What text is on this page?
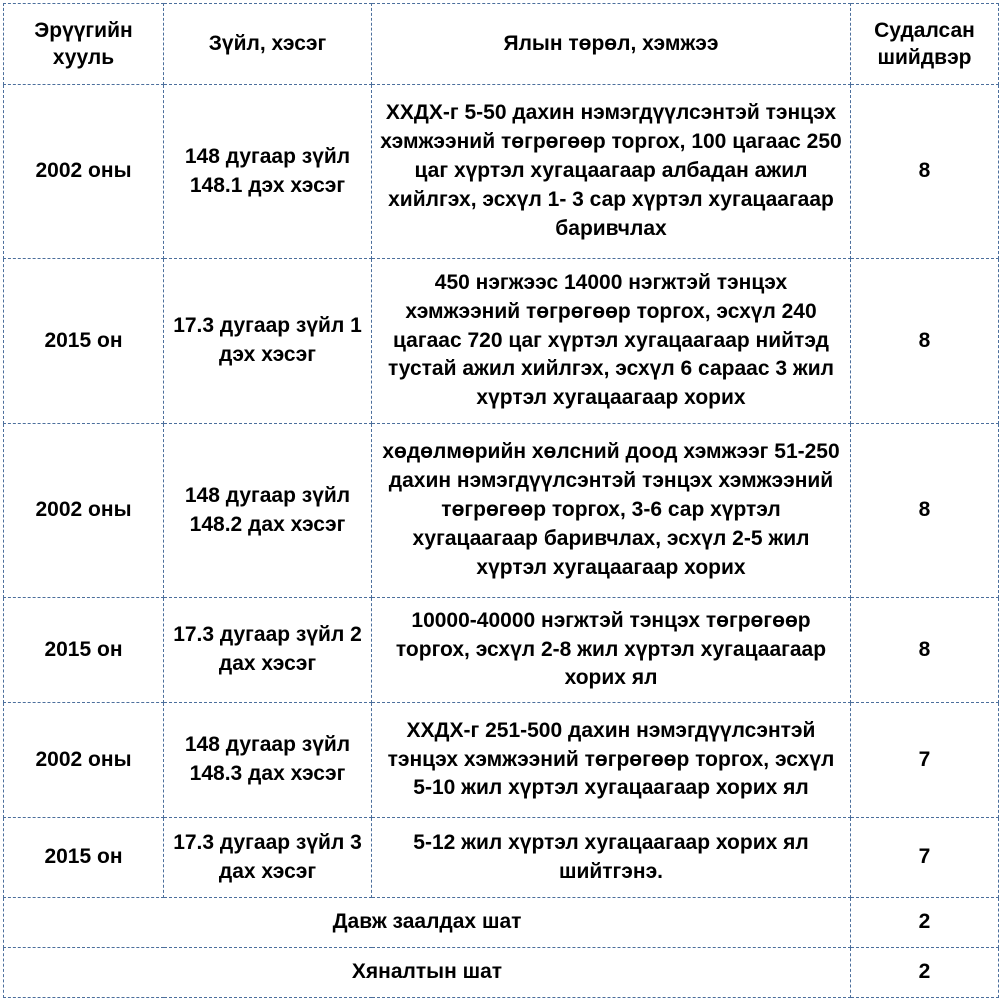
Эрүүгийн хууль	Зүйл, хэсэг	Ялын төрөл, хэмжээ	Судалсан шийдвэр
2002 оны	148 дугаар зүйл 148.1 дэх хэсэг	ХХДХ-г 5-50 дахин нэмэгдүүлсэнтэй тэнцэх хэмжээний төгрөгөөр торгох, 100 цагаас 250 цаг хүртэл хугацаагаар албадан ажил хийлгэх, эсхүл 1- 3 сар хүртэл хугацаагаар баривчлах	8
2015 он	17.3 дугаар зүйл 1 дэх хэсэг	450 нэгжээс 14000 нэгжтэй тэнцэх хэмжээний төгрөгөөр торгох, эсхүл 240 цагаас 720 цаг хүртэл хугацаагаар нийтэд тустай ажил хийлгэх, эсхүл 6 сараас 3 жил хүртэл хугацаагаар хорих	8
2002 оны	148 дугаар зүйл 148.2 дах хэсэг	хөдөлмөрийн хөлсний доод хэмжээг 51-250 дахин нэмэгдүүлсэнтэй тэнцэх хэмжээний төгрөгөөр торгох, 3-6 сар хүртэл хугацаагаар баривчлах, эсхүл 2-5 жил хүртэл хугацаагаар хорих	8
2015 он	17.3 дугаар зүйл 2 дах хэсэг	10000-40000 нэгжтэй тэнцэх төгрөгөөр торгох, эсхүл 2-8 жил хүртэл хугацаагаар хорих ял	8
2002 оны	148 дугаар зүйл 148.3 дах хэсэг	ХХДХ-г 251-500 дахин нэмэгдүүлсэнтэй тэнцэх хэмжээний төгрөгөөр торгох, эсхүл 5-10 жил хүртэл хугацаагаар хорих ял	7
2015 он	17.3 дугаар зүйл 3 дах хэсэг	5-12 жил хүртэл хугацаагаар хорих ял шийтгэнэ.	7
Давж заалдах шат			2
Хяналтын шат			2
